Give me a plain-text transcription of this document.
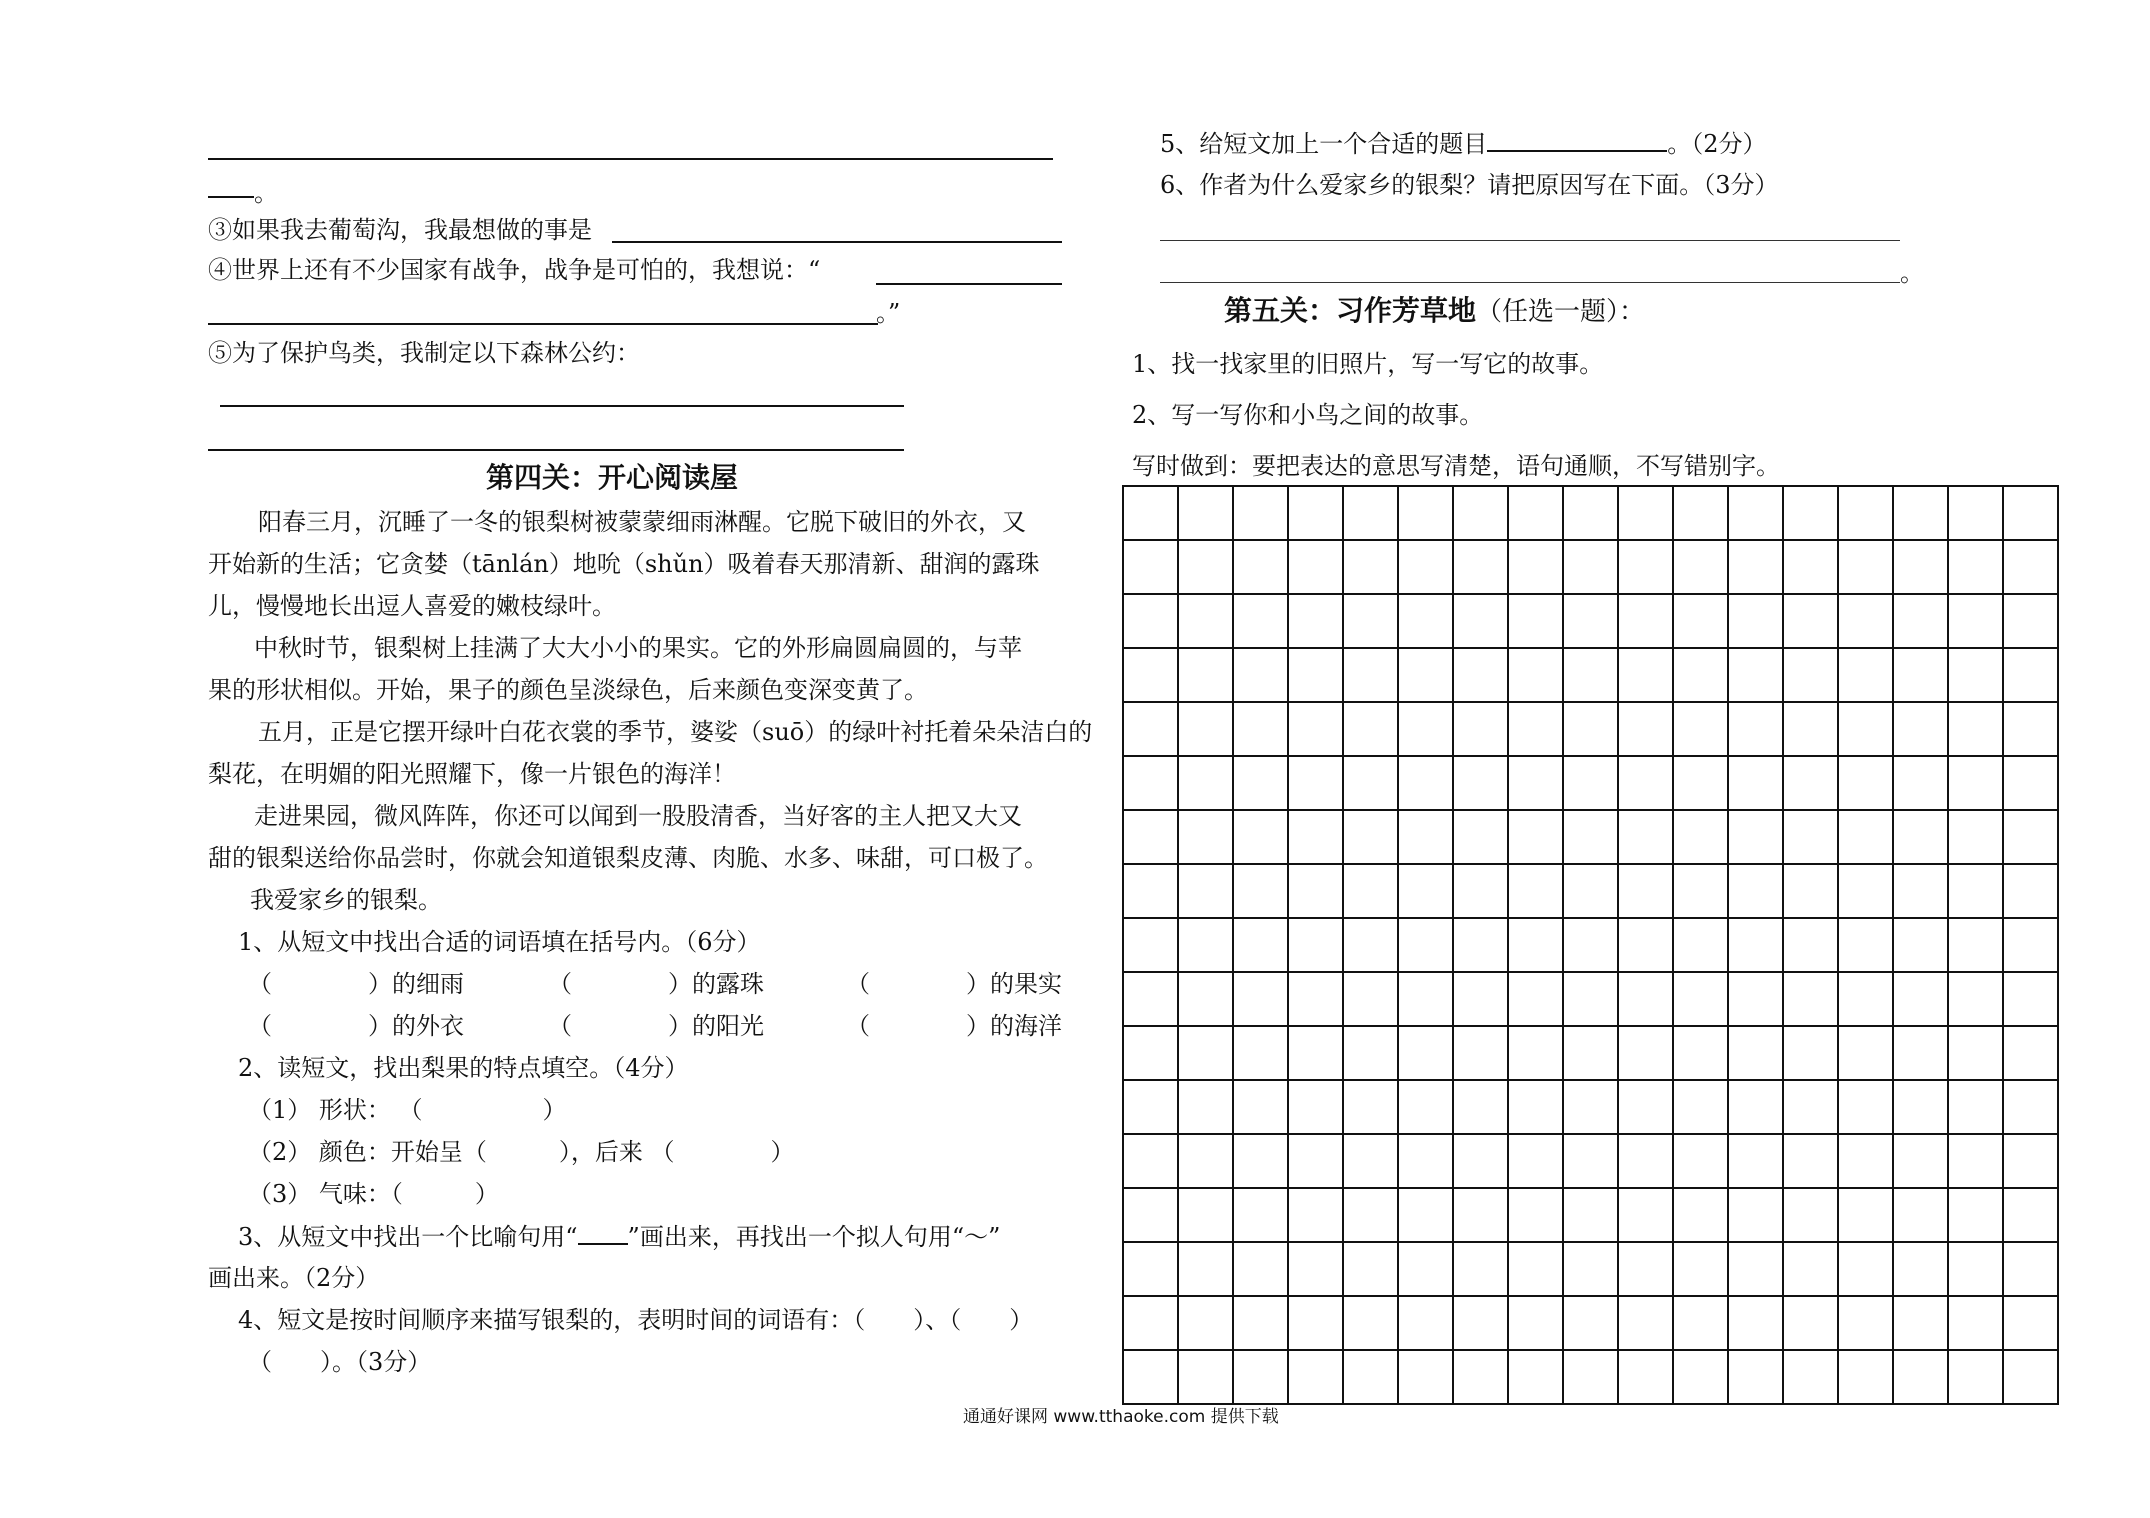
。
③如果我去葡萄沟，我最想做的事是
④世界上还有不少国家有战争，战争是可怕的，我想说：“
。”
⑤为了保护鸟类，我制定以下森林公约：
第四关：开心阅读屋
阳春三月，沉睡了一冬的银梨树被蒙蒙细雨淋醒。它脱下破旧的外衣，又
开始新的生活；它贪婪（tānlán）地吮（shǔn）吸着春天那清新、甜润的露珠
儿，慢慢地长出逗人喜爱的嫩枝绿叶。
中秋时节，银梨树上挂满了大大小小的果实。它的外形扁圆扁圆的，与苹
果的形状相似。开始，果子的颜色呈淡绿色，后来颜色变深变黄了。
五月，正是它摆开绿叶白花衣裳的季节，婆娑（suō）的绿叶衬托着朵朵洁白的
梨花，在明媚的阳光照耀下，像一片银色的海洋！
走进果园，微风阵阵，你还可以闻到一股股清香，当好客的主人把又大又
甜的银梨送给你品尝时，你就会知道银梨皮薄、肉脆、水多、味甜，可口极了。
我爱家乡的银梨。
1、从短文中找出合适的词语填在括号内。（6分）
（　　　　）的细雨	（　　　　）的露珠	（　　　　）的果实
（　　　　）的外衣	（　　　　）的阳光	（　　　　）的海洋
2、读短文，找出梨果的特点填空。（4分）
（1） 形状： （　　　　　）
（2） 颜色：开始呈（　　　），后来 （　　　　）
（3） 气味：（　　　）
3、从短文中找出一个比喻句用“ ”画出来，再找出一个拟人句用“～”
画出来。（2分）
4、短文是按时间顺序来描写银梨的，表明时间的词语有：（　　）、（　　）
（　　）。（3分）
5、给短文加上一个合适的题目	。（2分）
6、作者为什么爱家乡的银梨？请把原因写在下面。（3分）
。
第五关：习作芳草地（任选一题）：
1、找一找家里的旧照片，写一写它的故事。
2、写一写你和小鸟之间的故事。
写时做到：要把表达的意思写清楚，语句通顺，不写错别字。

通通好课网 www.tthaoke.com 提供下载
